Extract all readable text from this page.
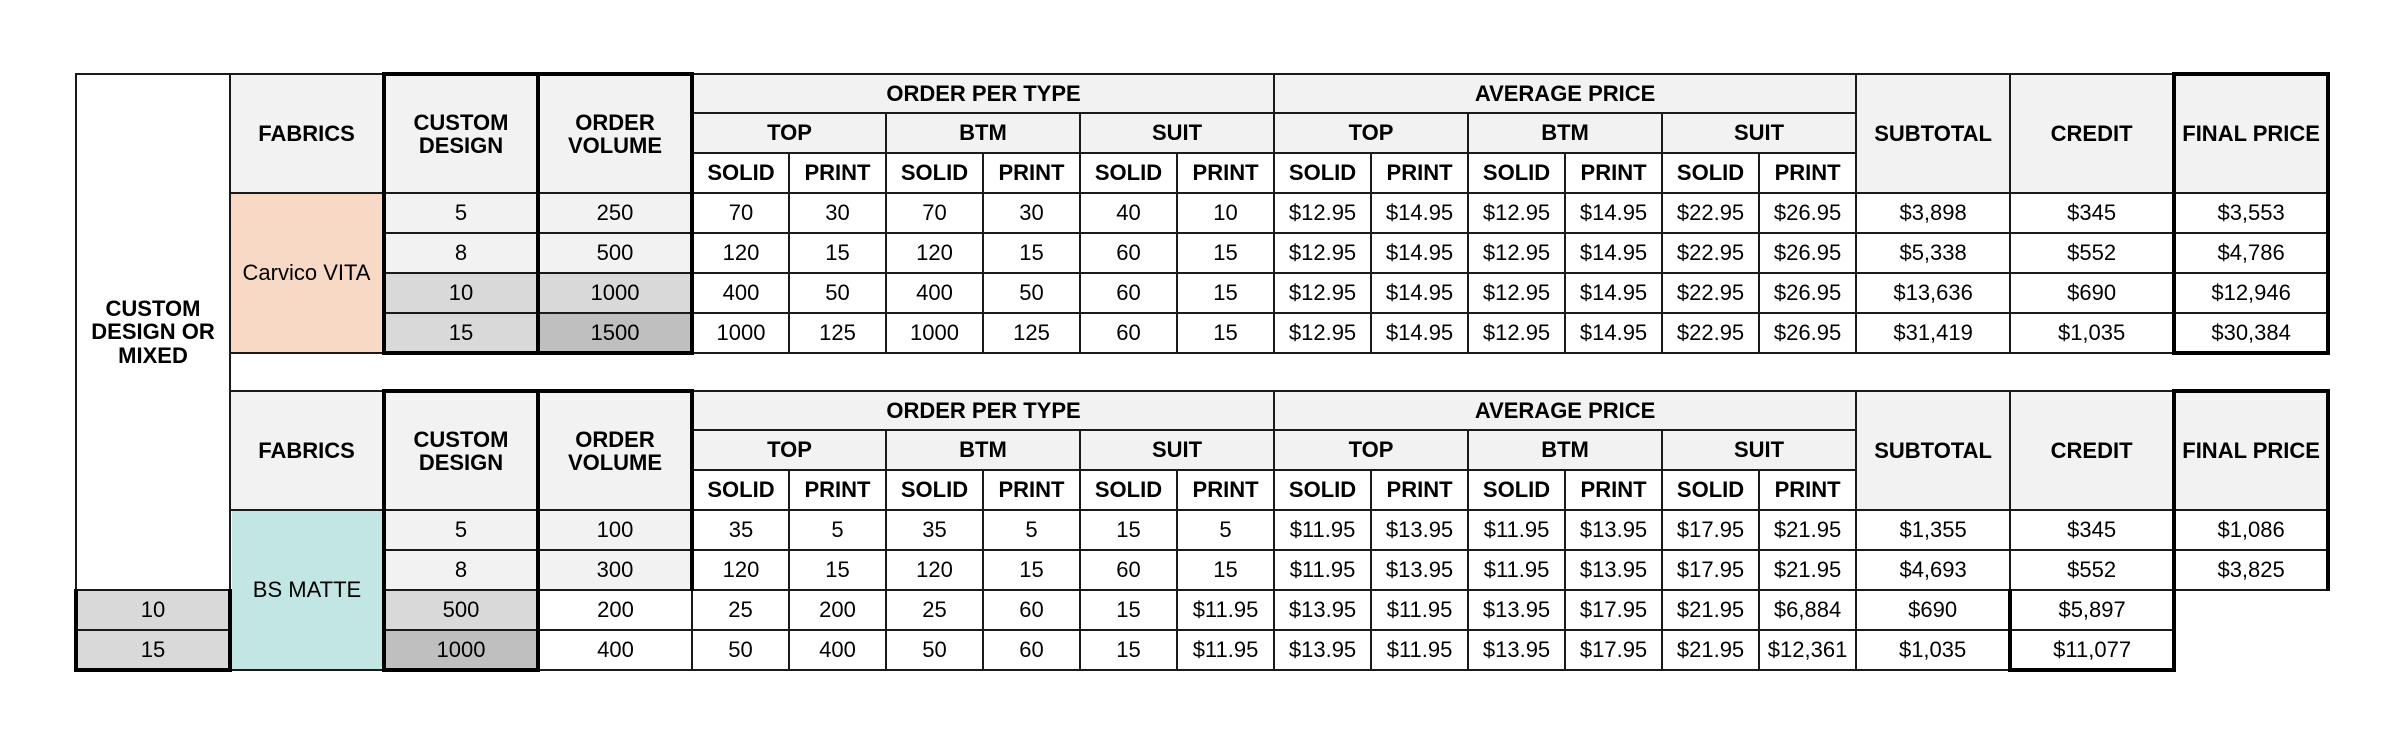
CUSTOM DESIGN OR MIXED	FABRICS	CUSTOM DESIGN	ORDER VOLUME	ORDER PER TYPE						AVERAGE PRICE						SUBTOTAL	CREDIT	FINAL PRICE
				TOP		BTM		SUIT		TOP		BTM		SUIT				
				SOLID	PRINT	SOLID	PRINT	SOLID	PRINT	SOLID	PRINT	SOLID	PRINT	SOLID	PRINT			
	Carvico VITA	5	250	70	30	70	30	40	10	$12.95	$14.95	$12.95	$14.95	$22.95	$26.95	$3,898	$345	$3,553
		8	500	120	15	120	15	60	15	$12.95	$14.95	$12.95	$14.95	$22.95	$26.95	$5,338	$552	$4,786
		10	1000	400	50	400	50	60	15	$12.95	$14.95	$12.95	$14.95	$22.95	$26.95	$13,636	$690	$12,946
		15	1500	1000	125	1000	125	60	15	$12.95	$14.95	$12.95	$14.95	$22.95	$26.95	$31,419	$1,035	$30,384

	FABRICS	CUSTOM DESIGN	ORDER VOLUME	ORDER PER TYPE						AVERAGE PRICE						SUBTOTAL	CREDIT	FINAL PRICE
				TOP		BTM		SUIT		TOP		BTM		SUIT				
				SOLID	PRINT	SOLID	PRINT	SOLID	PRINT	SOLID	PRINT	SOLID	PRINT	SOLID	PRINT			
	BS MATTE	5	100	35	5	35	5	15	5	$11.95	$13.95	$11.95	$13.95	$17.95	$21.95	$1,355	$345	$1,086
		8	300	120	15	120	15	60	15	$11.95	$13.95	$11.95	$13.95	$17.95	$21.95	$4,693	$552	$3,825
10		500	200	25	200	25	60	15	$11.95	$13.95	$11.95	$13.95	$17.95	$21.95	$6,884	$690	$5,897	
15		1000	400	50	400	50	60	15	$11.95	$13.95	$11.95	$13.95	$17.95	$21.95	$12,361	$1,035	$11,077	
